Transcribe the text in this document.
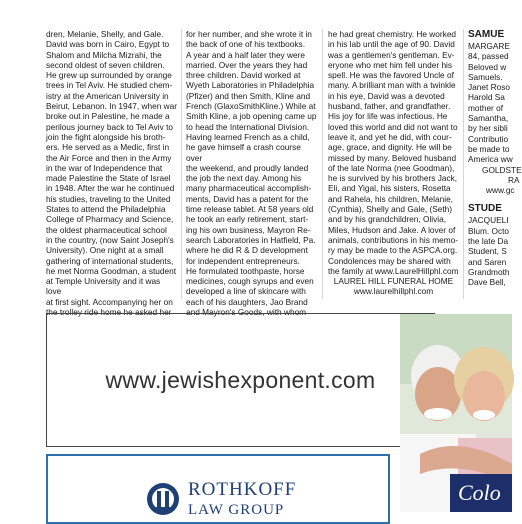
dren, Melanie, Shelly, and Gale.
David was born in Cairo, Egypt to
Shalom and Milcha Mizrahi, the
second oldest of seven children.
He grew up surrounded by orange
trees in Tel Aviv. He studied chem-
istry at the American University in
Beirut, Lebanon. In 1947, when war
broke out in Palestine, he made a
perilous journey back to Tel Aviv to
join the fight alongside his broth-
ers. He served as a Medic, first in
the Air Force and then in the Army
in the war of Independence that
made Palestine the State of Israel
in 1948. After the war he continued
his studies, traveling to the United
States to attend the Philadelphia
College of Pharmacy and Science,
the oldest pharmaceutical school
in the country, (now Saint Joseph's
University). One night at a small
gathering of international students,
he met Norma Goodman, a student
at Temple University and it was love
at first sight. Accompanying her on
the trolley ride home he asked her

for her number, and she wrote it in
the back of one of his textbooks.
A year and a half later they were
married. Over the years they had
three children. David worked at
Wyeth Laboratories in Philadelphia
(Pfizer) and then Smith, Kline and
French (GlaxoSmithKline.) While at
Smith Kline, a job opening came up
to head the International Division.
Having learned French as a child,
he gave himself a crash course over
the weekend, and proudly landed
the job the next day. Among his
many pharmaceutical accomplish-
ments, David has a patent for the
time release tablet. At 58 years old
he took an early retirement, start-
ing his own business, Mayron Re-
search Laboratories in Hatfield, Pa.
where he did R & D development
for independent entrepreneurs.
He formulated toothpaste, horse
medicines, cough syrups and even
developed a line of skincare with
each of his daughters, Jao Brand
and Mayron's Goods, with whom

he had great chemistry. He worked
in his lab until the age of 90. David
was a gentlemen's gentleman. Ev-
eryone who met him fell under his
spell. He was the favored Uncle of
many. A brilliant man with a twinkle
in his eye, David was a devoted
husband, father, and grandfather.
His joy for life was infectious. He
loved this world and did not want to
leave it, and yet he did, with cour-
age, grace, and dignity. He will be
missed by many. Beloved husband
of the late Norma (nee Goodman),
he is survived by his brothers Jack,
Eli, and Yigal, his sisters, Rosetta
and Rahela, his children, Melanie,
(Cynthia), Shelly and Gale, (Seth)
and by his grandchildren, Olivia,
Miles, Hudson and Jake. A lover of
animals, contributions in his memo-
ry may be made to the ASPCA.org.
Condolences may be shared with
the family at www.LaurelHillphl.com

LAUREL HILL FUNERAL HOME

www.laurelhillphl.com

SAMUE

MARGARE
84, passed
Beloved w
Samuels.
Janet Roso
Harold Sa
mother of
Samantha,
by her sibli
Contributio
be made to
America ww

GOLDSTE

RA

www.gc

STUDE

JACQUELI
Blum. Octo
the late Da
Student, S
and Saren
Grandmoth
Dave Bell,

www.jewishexponent.com
Colo
ROTHKOFF
LAW GROUP
